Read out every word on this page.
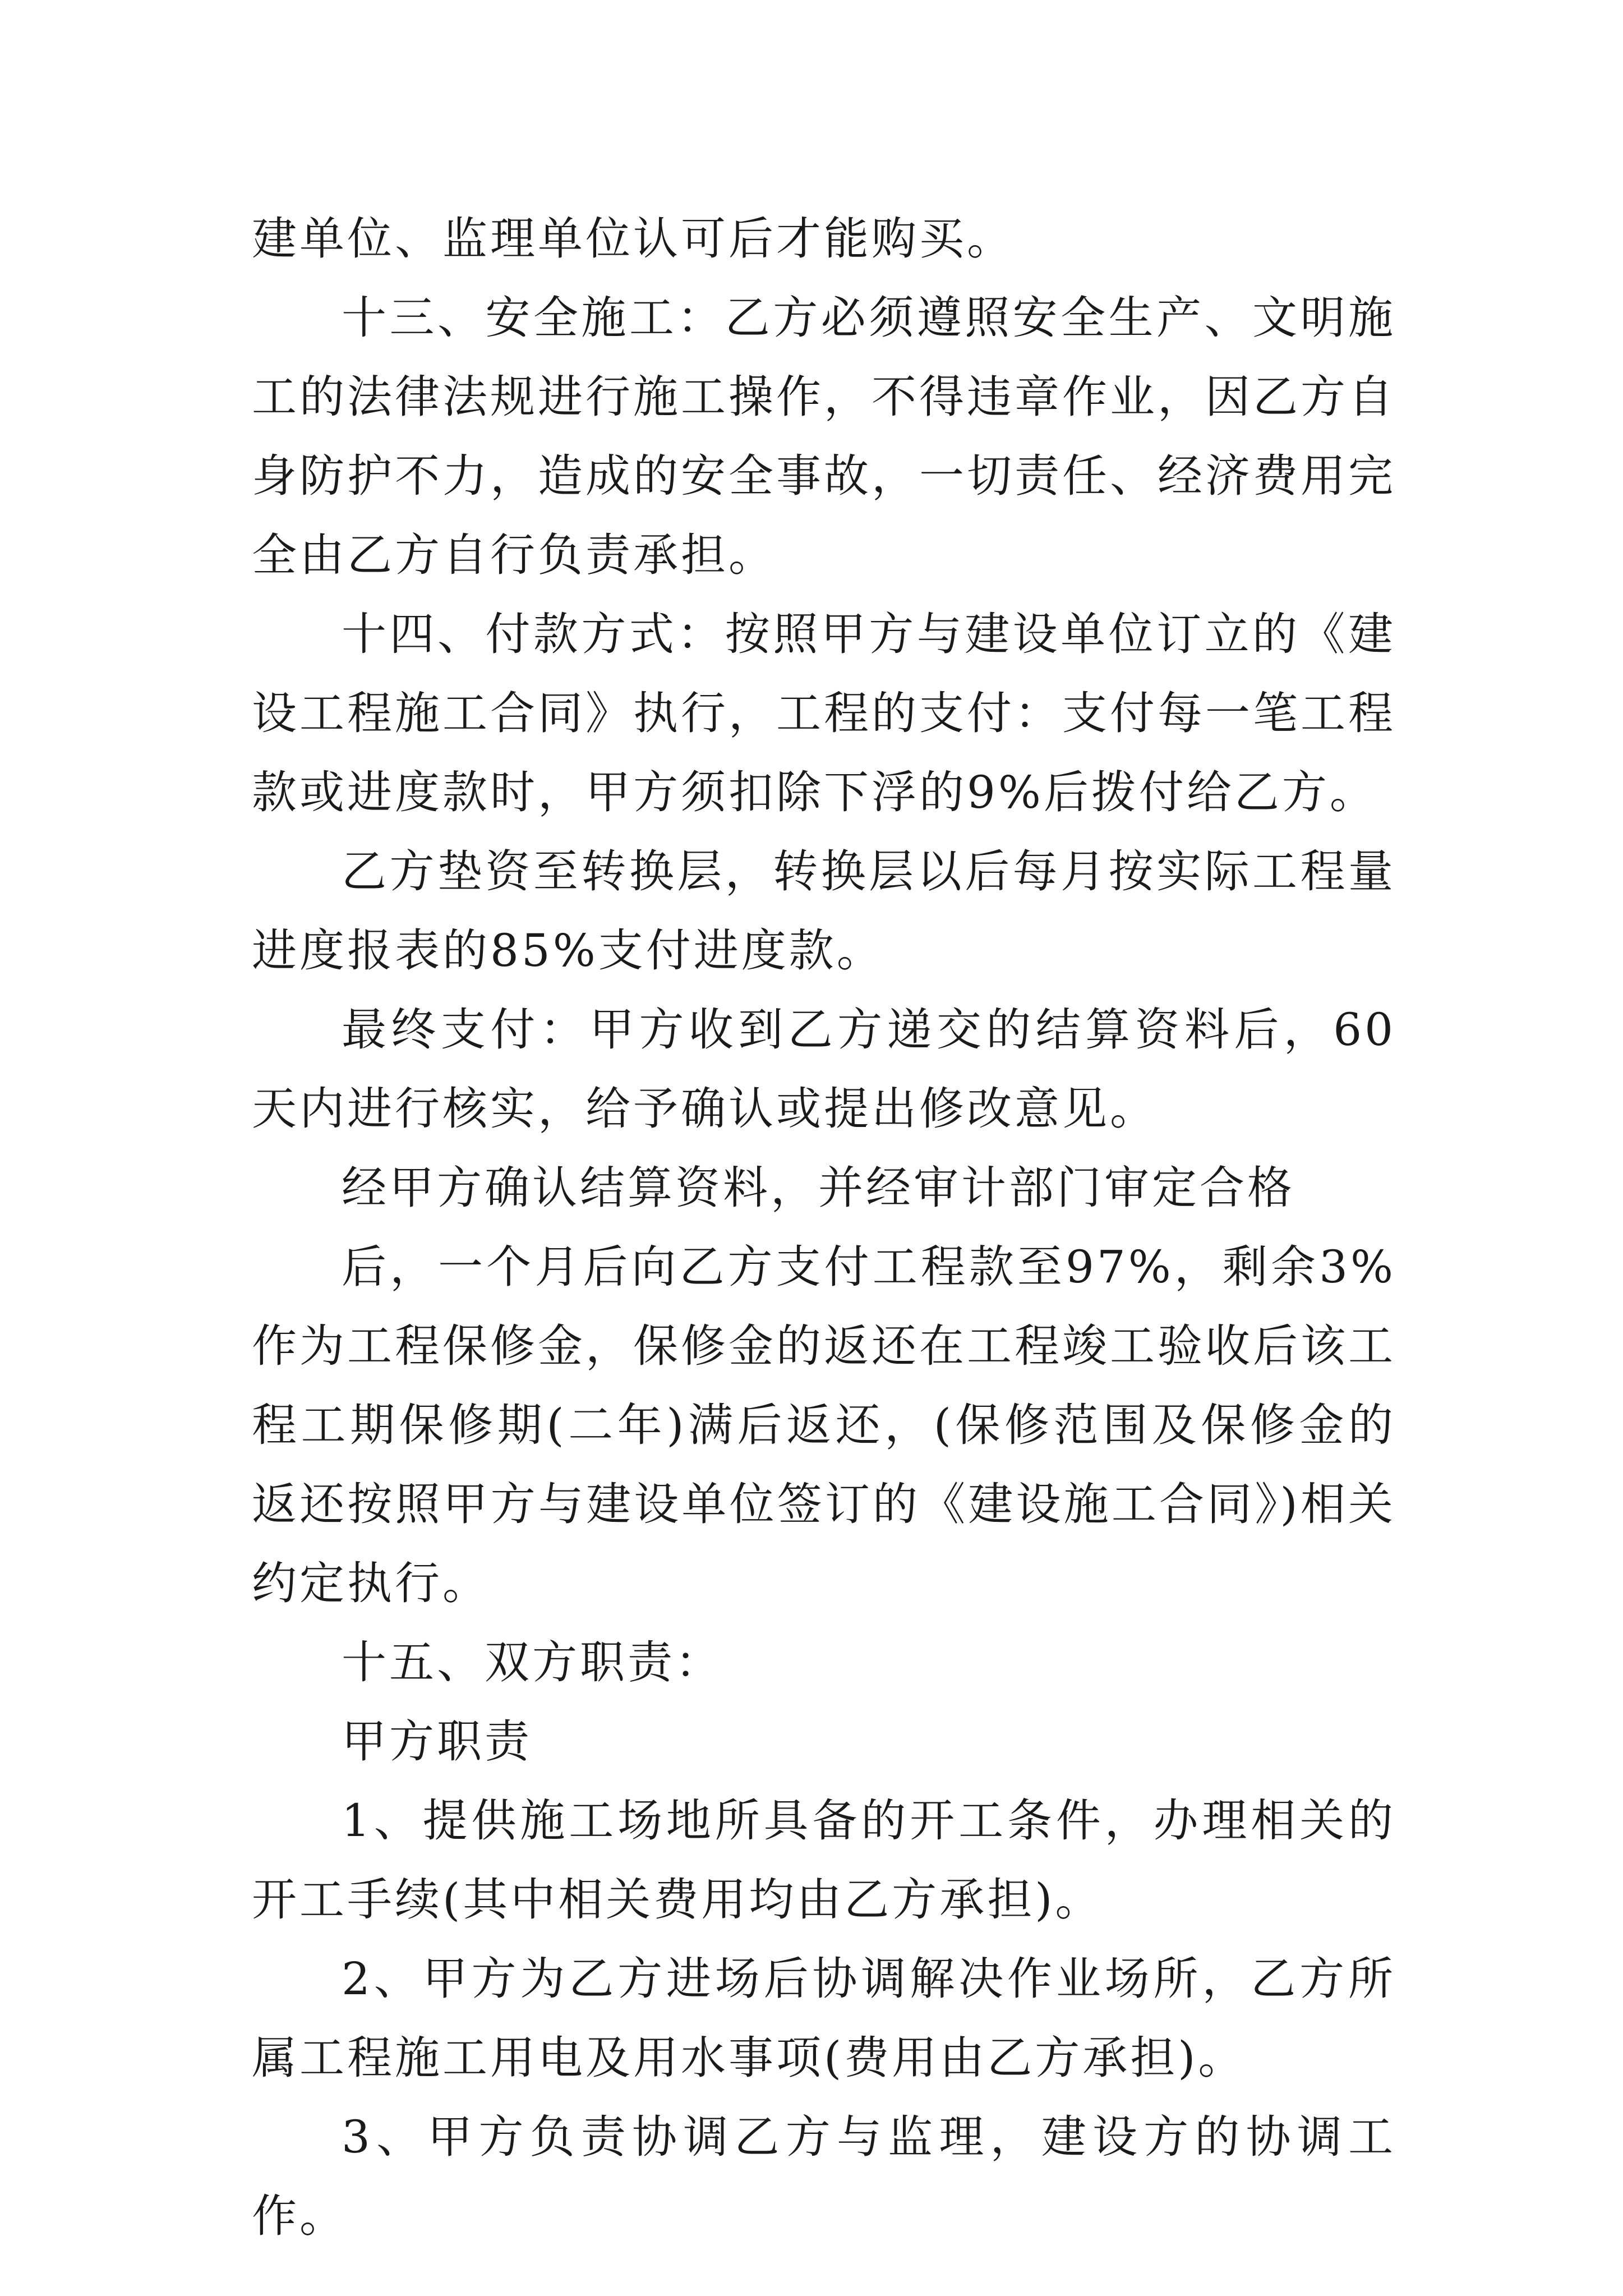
建单位、监理单位认可后才能购买。

十三、安全施工：乙方必须遵照安全生产、文明施工的法律法规进行施工操作，不得违章作业，因乙方自身防护不力，造成的安全事故，一切责任、经济费用完全由乙方自行负责承担。

十四、付款方式：按照甲方与建设单位订立的《建设工程施工合同》执行，工程的支付：支付每一笔工程款或进度款时，甲方须扣除下浮的9%后拨付给乙方。

乙方垫资至转换层，转换层以后每月按实际工程量进度报表的85%支付进度款。

最终支付：甲方收到乙方递交的结算资料后，60天内进行核实，给予确认或提出修改意见。

经甲方确认结算资料，并经审计部门审定合格

后，一个月后向乙方支付工程款至97%，剩余3%作为工程保修金，保修金的返还在工程竣工验收后该工程工期保修期(二年)满后返还，(保修范围及保修金的返还按照甲方与建设单位签订的《建设施工合同》)相关约定执行。

十五、双方职责：

甲方职责

1、提供施工场地所具备的开工条件，办理相关的开工手续(其中相关费用均由乙方承担)。

2、甲方为乙方进场后协调解决作业场所，乙方所属工程施工用电及用水事项(费用由乙方承担)。

3、甲方负责协调乙方与监理，建设方的协调工作。
